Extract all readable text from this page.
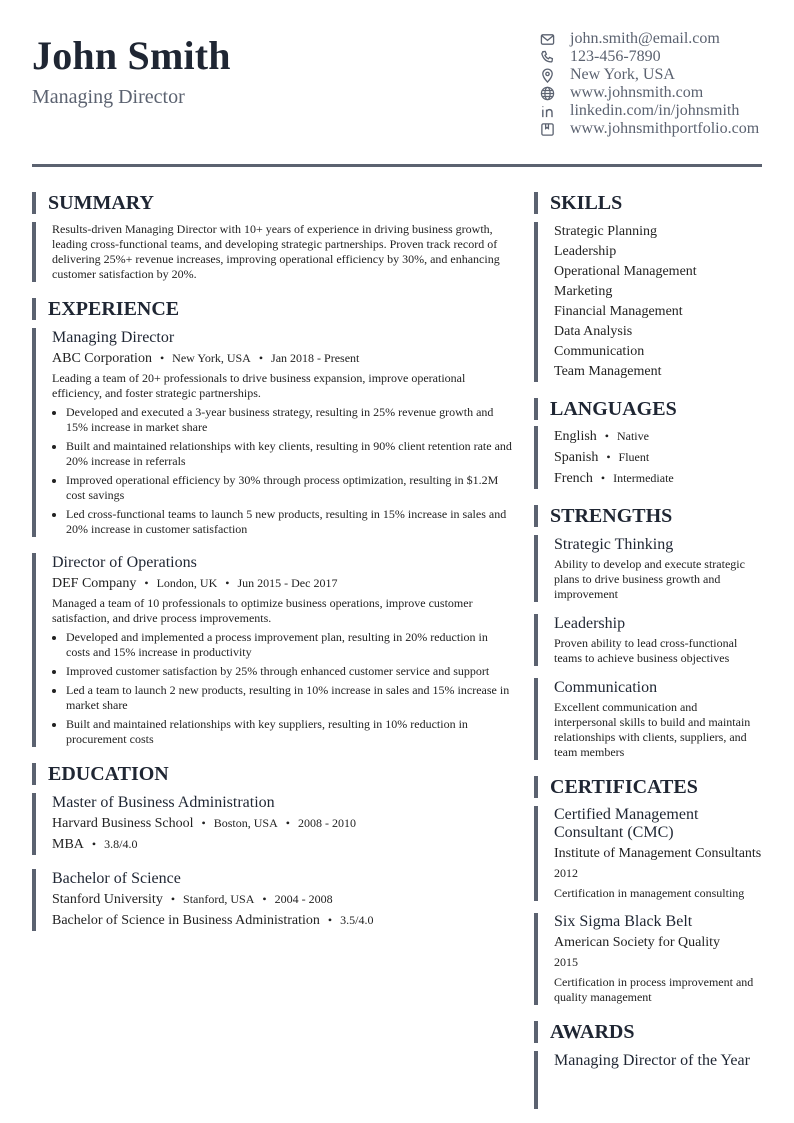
John Smith
Managing Director
john.smith@email.com
123-456-7890
New York, USA
www.johnsmith.com
linkedin.com/in/johnsmith
www.johnsmithportfolio.com
SUMMARY
Results-driven Managing Director with 10+ years of experience in driving business growth, leading cross-functional teams, and developing strategic partnerships. Proven track record of delivering 25%+ revenue increases, improving operational efficiency by 30%, and enhancing customer satisfaction by 20%.
EXPERIENCE
Managing Director
ABC Corporation • New York, USA • Jan 2018 - Present
Leading a team of 20+ professionals to drive business expansion, improve operational efficiency, and foster strategic partnerships.
• Developed and executed a 3-year business strategy, resulting in 25% revenue growth and 15% increase in market share
• Built and maintained relationships with key clients, resulting in 90% client retention rate and 20% increase in referrals
• Improved operational efficiency by 30% through process optimization, resulting in $1.2M cost savings
• Led cross-functional teams to launch 5 new products, resulting in 15% increase in sales and 20% increase in customer satisfaction
Director of Operations
DEF Company • London, UK • Jun 2015 - Dec 2017
Managed a team of 10 professionals to optimize business operations, improve customer satisfaction, and drive process improvements.
• Developed and implemented a process improvement plan, resulting in 20% reduction in costs and 15% increase in productivity
• Improved customer satisfaction by 25% through enhanced customer service and support
• Led a team to launch 2 new products, resulting in 10% increase in sales and 15% increase in market share
• Built and maintained relationships with key suppliers, resulting in 10% reduction in procurement costs
EDUCATION
Master of Business Administration
Harvard Business School • Boston, USA • 2008 - 2010
MBA • 3.8/4.0
Bachelor of Science
Stanford University • Stanford, USA • 2004 - 2008
Bachelor of Science in Business Administration • 3.5/4.0
SKILLS
Strategic Planning
Leadership
Operational Management
Marketing
Financial Management
Data Analysis
Communication
Team Management
LANGUAGES
English • Native
Spanish • Fluent
French • Intermediate
STRENGTHS
Strategic Thinking
Ability to develop and execute strategic plans to drive business growth and improvement
Leadership
Proven ability to lead cross-functional teams to achieve business objectives
Communication
Excellent communication and interpersonal skills to build and maintain relationships with clients, suppliers, and team members
CERTIFICATES
Certified Management Consultant (CMC)
Institute of Management Consultants
2012
Certification in management consulting
Six Sigma Black Belt
American Society for Quality
2015
Certification in process improvement and quality management
AWARDS
Managing Director of the Year
